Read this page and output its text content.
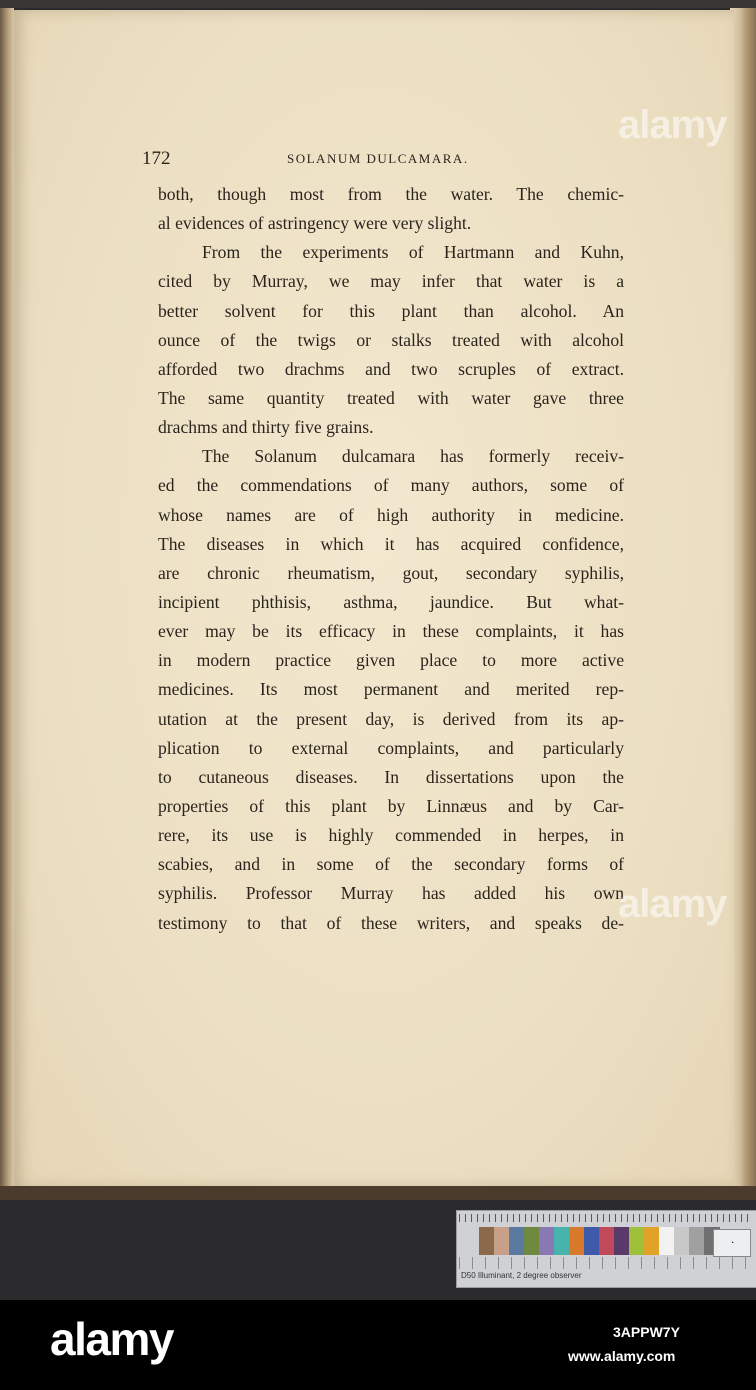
172	SOLANUM DULCAMARA.
both, though most from the water. The chemic-
al evidences of astringency were very slight.
From the experiments of Hartmann and Kuhn,
cited by Murray, we may infer that water is a
better solvent for this plant than alcohol. An
ounce of the twigs or stalks treated with alcohol
afforded two drachms and two scruples of extract.
The same quantity treated with water gave three
drachms and thirty five grains.
The Solanum dulcamara has formerly receiv-
ed the commendations of many authors, some of
whose names are of high authority in medicine.
The diseases in which it has acquired confidence,
are chronic rheumatism, gout, secondary syphilis,
incipient phthisis, asthma, jaundice. But what-
ever may be its efficacy in these complaints, it has
in modern practice given place to more active
medicines. Its most permanent and merited rep-
utation at the present day, is derived from its ap-
plication to external complaints, and particularly
to cutaneous diseases. In dissertations upon the
properties of this plant by Linnæus and by Car-
rere, its use is highly commended in herpes, in
scabies, and in some of the secondary forms of
syphilis. Professor Murray has added his own
testimony to that of these writers, and speaks de-
alamy
alamy
D50 Illuminant, 2 degree observer
◔
alamy	3APPW7Y
www.alamy.com
